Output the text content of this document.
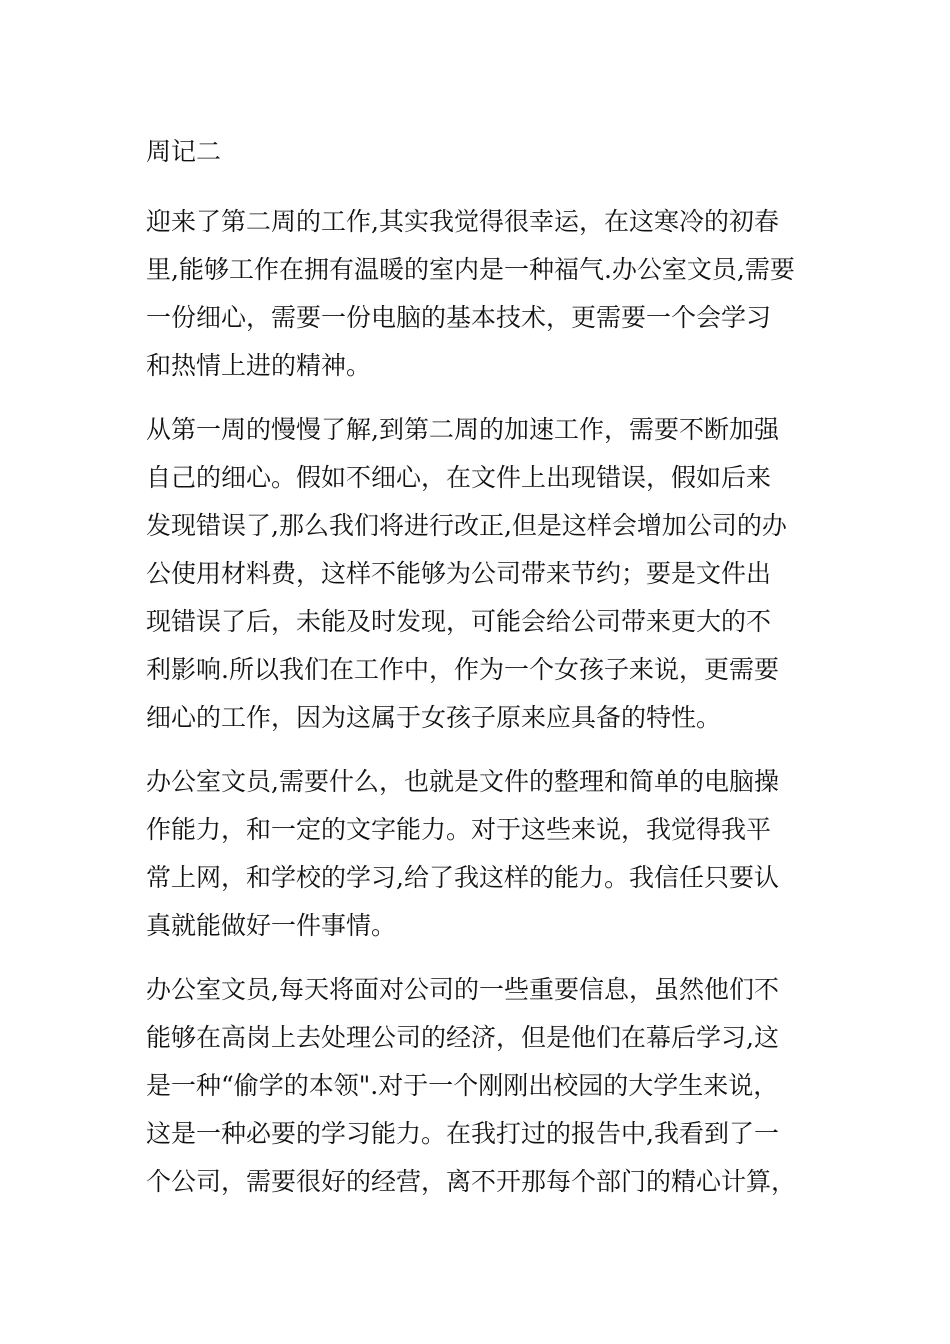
周记二

迎来了第二周的工作,其实我觉得很幸运，在这寒冷的初春
里,能够工作在拥有温暖的室内是一种福气.办公室文员,需要
一份细心，需要一份电脑的基本技术，更需要一个会学习
和热情上进的精神。

从第一周的慢慢了解,到第二周的加速工作，需要不断加强
自己的细心。假如不细心，在文件上出现错误，假如后来
发现错误了,那么我们将进行改正,但是这样会增加公司的办
公使用材料费，这样不能够为公司带来节约；要是文件出
现错误了后，未能及时发现，可能会给公司带来更大的不
利影响.所以我们在工作中，作为一个女孩子来说，更需要
细心的工作，因为这属于女孩子原来应具备的特性。

办公室文员,需要什么，也就是文件的整理和简单的电脑操
作能力，和一定的文字能力。对于这些来说，我觉得我平
常上网，和学校的学习,给了我这样的能力。我信任只要认
真就能做好一件事情。

办公室文员,每天将面对公司的一些重要信息，虽然他们不
能够在高岗上去处理公司的经济，但是他们在幕后学习,这
是一种“偷学的本领".对于一个刚刚出校园的大学生来说，
这是一种必要的学习能力。在我打过的报告中,我看到了一
个公司，需要很好的经营，离不开那每个部门的精心计算，
